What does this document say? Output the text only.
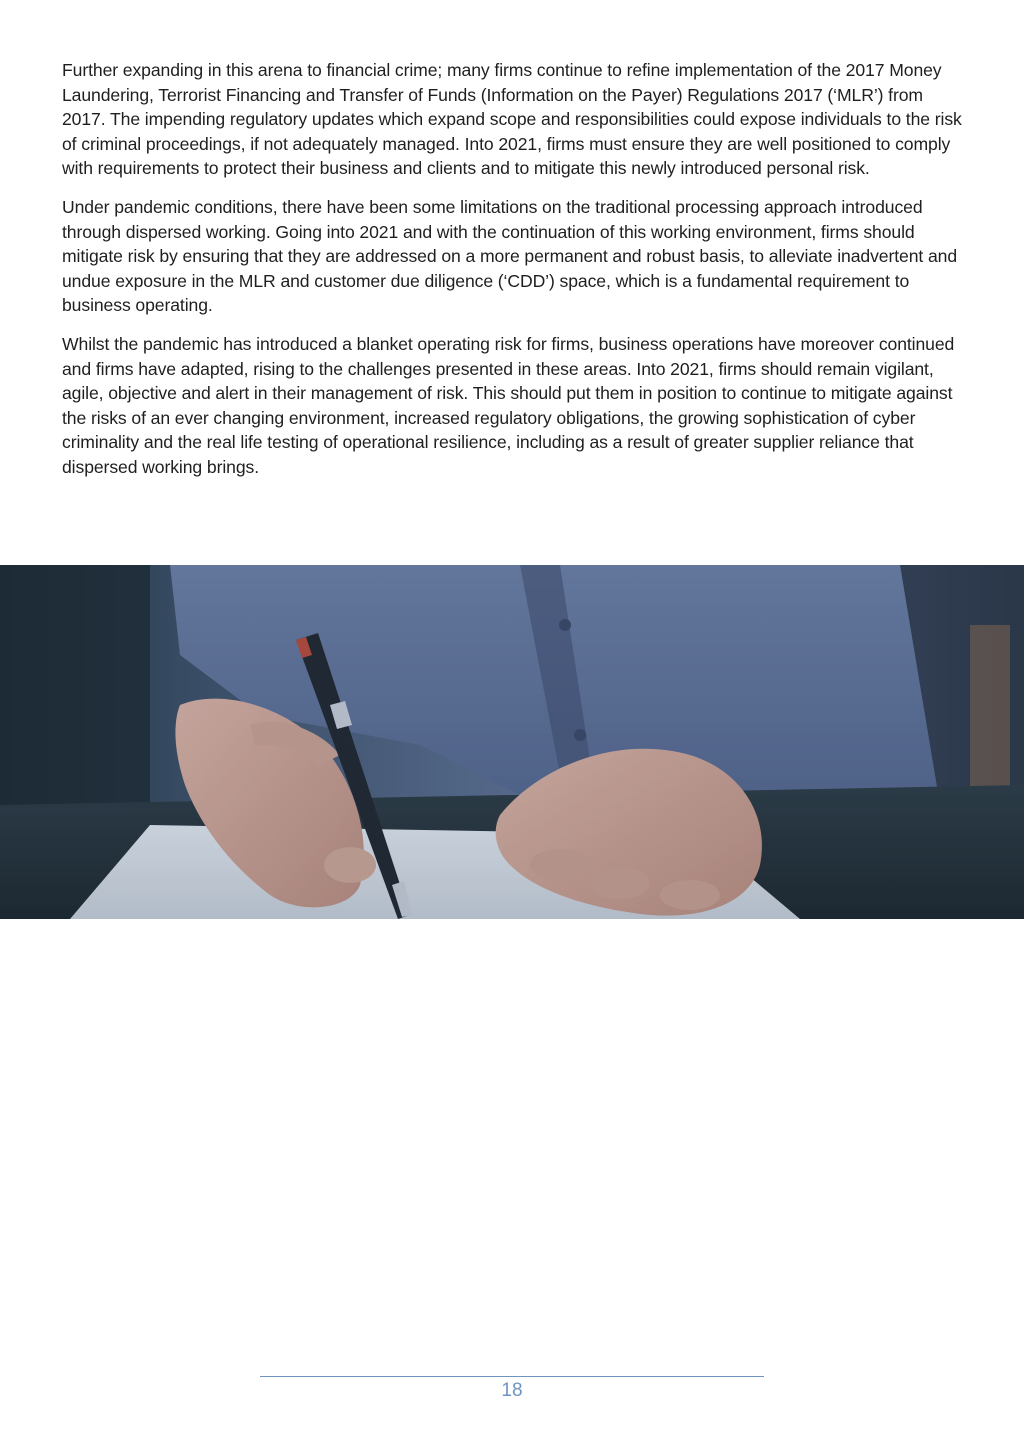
Further expanding in this arena to financial crime; many firms continue to refine implementation of the 2017 Money Laundering, Terrorist Financing and Transfer of Funds (Information on the Payer) Regulations 2017 (‘MLR’) from 2017. The impending regulatory updates which expand scope and responsibilities could expose individuals to the risk of criminal proceedings, if not adequately managed. Into 2021, firms must ensure they are well positioned to comply with requirements to protect their business and clients and to mitigate this newly introduced personal risk.

Under pandemic conditions, there have been some limitations on the traditional processing approach introduced through dispersed working. Going into 2021 and with the continuation of this working environment, firms should mitigate risk by ensuring that they are addressed on a more permanent and robust basis, to alleviate inadvertent and undue exposure in the MLR and customer due diligence (‘CDD’) space, which is a fundamental requirement to business operating.

Whilst the pandemic has introduced a blanket operating risk for firms, business operations have moreover continued and firms have adapted, rising to the challenges presented in these areas. Into 2021, firms should remain vigilant, agile, objective and alert in their management of risk. This should put them in position to continue to mitigate against the risks of an ever changing environment, increased regulatory obligations, the growing sophistication of cyber criminality and the real life testing of operational resilience, including as a result of greater supplier reliance that dispersed working brings.

18
